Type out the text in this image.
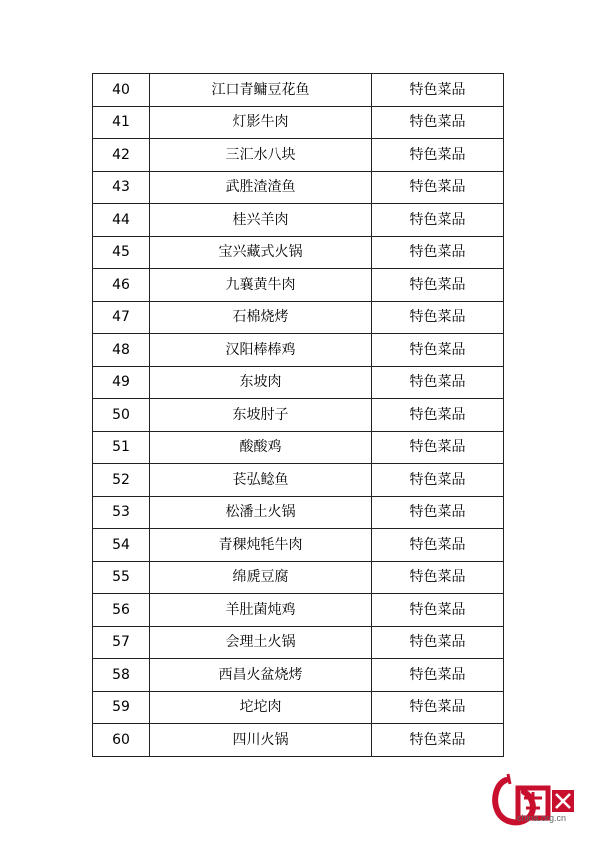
40	江口青鳙豆花鱼	特色菜品
41	灯影牛肉	特色菜品
42	三汇水八块	特色菜品
43	武胜渣渣鱼	特色菜品
44	桂兴羊肉	特色菜品
45	宝兴藏式火锅	特色菜品
46	九襄黄牛肉	特色菜品
47	石棉烧烤	特色菜品
48	汉阳棒棒鸡	特色菜品
49	东坡肉	特色菜品
50	东坡肘子	特色菜品
51	酸酸鸡	特色菜品
52	苌弘鲶鱼	特色菜品
53	松潘土火锅	特色菜品
54	青稞炖牦牛肉	特色菜品
55	绵虒豆腐	特色菜品
56	羊肚菌炖鸡	特色菜品
57	会理土火锅	特色菜品
58	西昌火盆烧烤	特色菜品
59	坨坨肉	特色菜品
60	四川火锅	特色菜品
china.org.cn
